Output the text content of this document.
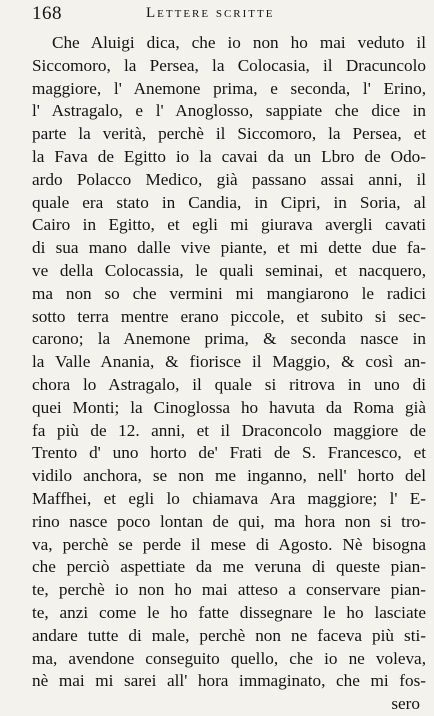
168	Lettere scritte
Che Aluigi dica, che io non ho mai veduto il
Siccomoro, la Persea, la Colocasia, il Dracuncolo
maggiore, l' Anemone prima, e seconda, l' Erino,
l' Astragalo, e l' Anoglosso, sappiate che dice in
parte la verità, perchè il Siccomoro, la Persea, et
la Fava de Egitto io la cavai da un Lbro de Odo-
ardo Polacco Medico, già passano assai anni, il
quale era stato in Candia, in Cipri, in Soria, al
Cairo in Egitto, et egli mi giurava avergli cavati
di sua mano dalle vive piante, et mi dette due fa-
ve della Colocassia, le quali seminai, et nacquero,
ma non so che vermini mi mangiarono le radici
sotto terra mentre erano piccole, et subito si sec-
carono; la Anemone prima, & seconda nasce in
la Valle Anania, & fiorisce il Maggio, & così an-
chora lo Astragalo, il quale si ritrova in uno di
quei Monti; la Cinoglossa ho havuta da Roma già
fa più de 12. anni, et il Draconcolo maggiore de
Trento d' uno horto de' Frati de S. Francesco, et
vidilo anchora, se non me inganno, nell' horto del
Maffhei, et egli lo chiamava Ara maggiore; l' E-
rino nasce poco lontan de qui, ma hora non si tro-
va, perchè se perde il mese di Agosto. Nè bisogna
che perciò aspettiate da me veruna di queste pian-
te, perchè io non ho mai atteso a conservare pian-
te, anzi come le ho fatte dissegnare le ho lasciate
andare tutte di male, perchè non ne faceva più sti-
ma, avendone conseguito quello, che io ne voleva,
nè mai mi sarei all' hora immaginato, che mi fos-
sero
